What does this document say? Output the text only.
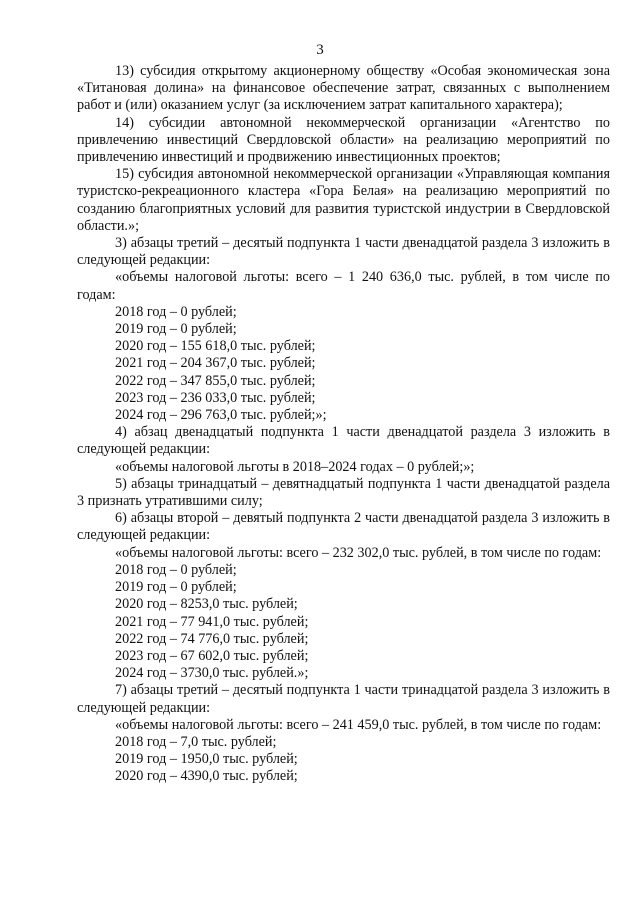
3

13) субсидия открытому акционерному обществу «Особая экономическая зона «Титановая долина» на финансовое обеспечение затрат, связанных с выполнением работ и (или) оказанием услуг (за исключением затрат капитального характера);

14) субсидии автономной некоммерческой организации «Агентство по привлечению инвестиций Свердловской области» на реализацию мероприятий по привлечению инвестиций и продвижению инвестиционных проектов;

15) субсидия автономной некоммерческой организации «Управляющая компания туристско-рекреационного кластера «Гора Белая» на реализацию мероприятий по созданию благоприятных условий для развития туристской индустрии в Свердловской области.»;

3) абзацы третий – десятый подпункта 1 части двенадцатой раздела 3 изложить в следующей редакции:

«объемы налоговой льготы: всего – 1 240 636,0 тыс. рублей, в том числе по годам:

2018 год – 0 рублей;

2019 год – 0 рублей;

2020 год – 155 618,0 тыс. рублей;

2021 год – 204 367,0 тыс. рублей;

2022 год – 347 855,0 тыс. рублей;

2023 год – 236 033,0 тыс. рублей;

2024 год – 296 763,0 тыс. рублей;»;

4) абзац двенадцатый подпункта 1 части двенадцатой раздела 3 изложить в следующей редакции:

«объемы налоговой льготы в 2018–2024 годах – 0 рублей;»;

5) абзацы тринадцатый – девятнадцатый подпункта 1 части двенадцатой раздела 3 признать утратившими силу;

6) абзацы второй – девятый подпункта 2 части двенадцатой раздела 3 изложить в следующей редакции:

«объемы налоговой льготы: всего – 232 302,0 тыс. рублей, в том числе по годам:

2018 год – 0 рублей;

2019 год – 0 рублей;

2020 год – 8253,0 тыс. рублей;

2021 год – 77 941,0 тыс. рублей;

2022 год – 74 776,0 тыс. рублей;

2023 год – 67 602,0 тыс. рублей;

2024 год – 3730,0 тыс. рублей.»;

7) абзацы третий – десятый подпункта 1 части тринадцатой раздела 3 изложить в следующей редакции:

«объемы налоговой льготы: всего – 241 459,0 тыс. рублей, в том числе по годам:

2018 год – 7,0 тыс. рублей;

2019 год – 1950,0 тыс. рублей;

2020 год – 4390,0 тыс. рублей;
